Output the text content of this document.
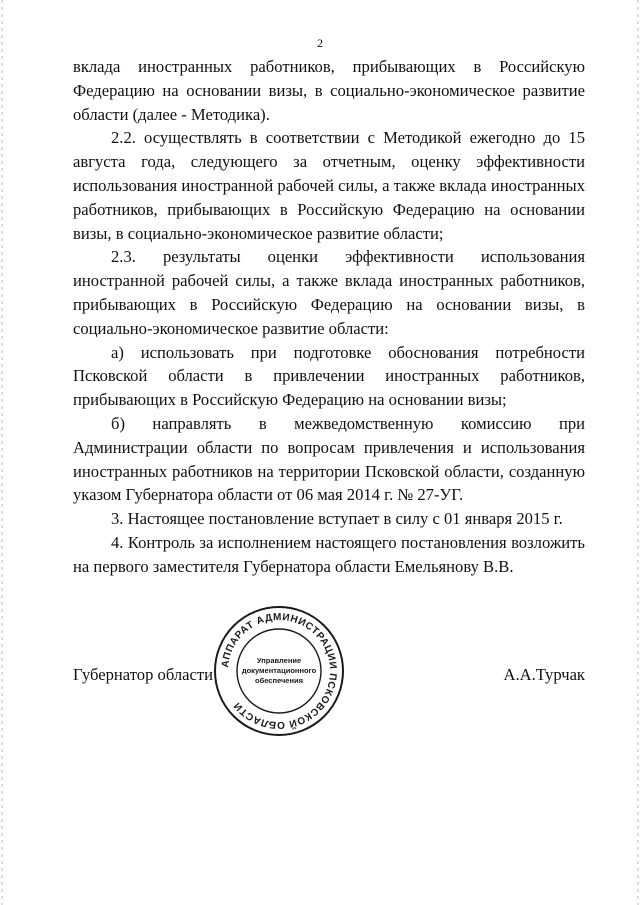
2

вклада иностранных работников, прибывающих в Российскую Федерацию на основании визы, в социально-экономическое развитие области (далее - Методика).

2.2. осуществлять в соответствии с Методикой ежегодно до 15 августа года, следующего за отчетным, оценку эффективности использования иностранной рабочей силы, а также вклада иностранных работников, прибывающих в Российскую Федерацию на основании визы, в социально-экономическое развитие области;

2.3. результаты оценки эффективности использования иностранной рабочей силы, а также вклада иностранных работников, прибывающих в Российскую Федерацию на основании визы, в социально-экономическое развитие области:

а) использовать при подготовке обоснования потребности Псковской области в привлечении иностранных работников, прибывающих в Российскую Федерацию на основании визы;

б) направлять в межведомственную комиссию при Администрации области по вопросам привлечения и использования иностранных работников на территории Псковской области, созданную указом Губернатора области от 06 мая 2014 г. № 27-УГ.

3. Настоящее постановление вступает в силу с 01 января 2015 г.

4. Контроль за исполнением настоящего постановления возложить на первого заместителя Губернатора области Емельянову В.В.

Губернатор области	А.А.Турчак
АППАРАТ АДМИНИСТРАЦИИ ПСКОВСКОЙ ОБЛАСТИ
Управление
документационного
обеспечения
